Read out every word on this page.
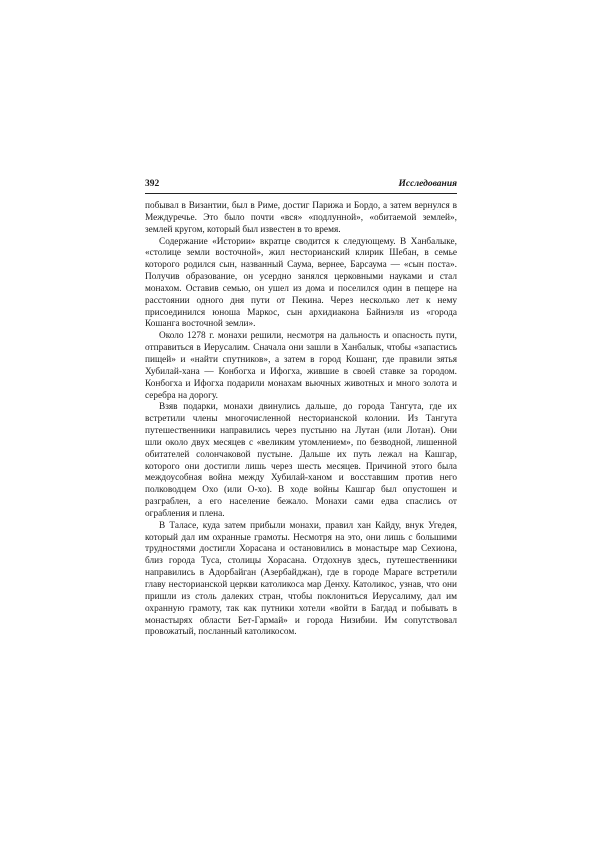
392	Исследования

побывал в Византии, был в Риме, достиг Парижа и Бордо, а затем вернулся в Междуречье. Это было почти «вся» «подлунной», «обитаемой землей», землей кругом, который был известен в то время.

Содержание «Истории» вкратце сводится к следующему. В Ханбалыке, «столице земли восточной», жил несторианский клирик Шебан, в семье которого родился сын, названный Саума, вернее, Барсаума — «сын поста». Получив образование, он усердно занялся церковными науками и стал монахом. Оставив семью, он ушел из дома и поселился один в пещере на расстоянии одного дня пути от Пекина. Через несколько лет к нему присоединился юноша Маркос, сын архидиакона Байниэля из «города Кошанга восточной земли».

Около 1278 г. монахи решили, несмотря на дальность и опасность пути, отправиться в Иерусалим. Сначала они зашли в Ханбалык, чтобы «запастись пищей» и «найти спутников», а затем в город Кошанг, где правили зятья Хубилай-хана — Конбогха и Ифогха, жившие в своей ставке за городом. Конбогха и Ифогха подарили монахам вьючных животных и много золота и серебра на дорогу.

Взяв подарки, монахи двинулись дальше, до города Тангута, где их встретили члены многочисленной несторианской колонии. Из Тангута путешественники направились через пустыню на Лутан (или Лотан). Они шли около двух месяцев с «великим утомлением», по безводной, лишенной обитателей солончаковой пустыне. Дальше их путь лежал на Кашгар, которого они достигли лишь через шесть месяцев. Причиной этого была междоусобная война между Хубилай-ханом и восставшим против него полководцем Охо (или О-хо). В ходе войны Кашгар был опустошен и разграблен, а его население бежало. Монахи сами едва спаслись от ограбления и плена.

В Таласе, куда затем прибыли монахи, правил хан Кайду, внук Угедея, который дал им охранные грамоты. Несмотря на это, они лишь с большими трудностями достигли Хорасана и остановились в монастыре мар Сехиона, близ города Туса, столицы Хорасана. Отдохнув здесь, путешественники направились в Адорбайган (Азербайджан), где в городе Мараге встретили главу несторианской церкви католикоса мар Денху. Католикос, узнав, что они пришли из столь далеких стран, чтобы поклониться Иерусалиму, дал им охранную грамоту, так как путники хотели «войти в Багдад и побывать в монастырях области Бет-Гармай» и города Низибии. Им сопутствовал провожатый, посланный католикосом.
